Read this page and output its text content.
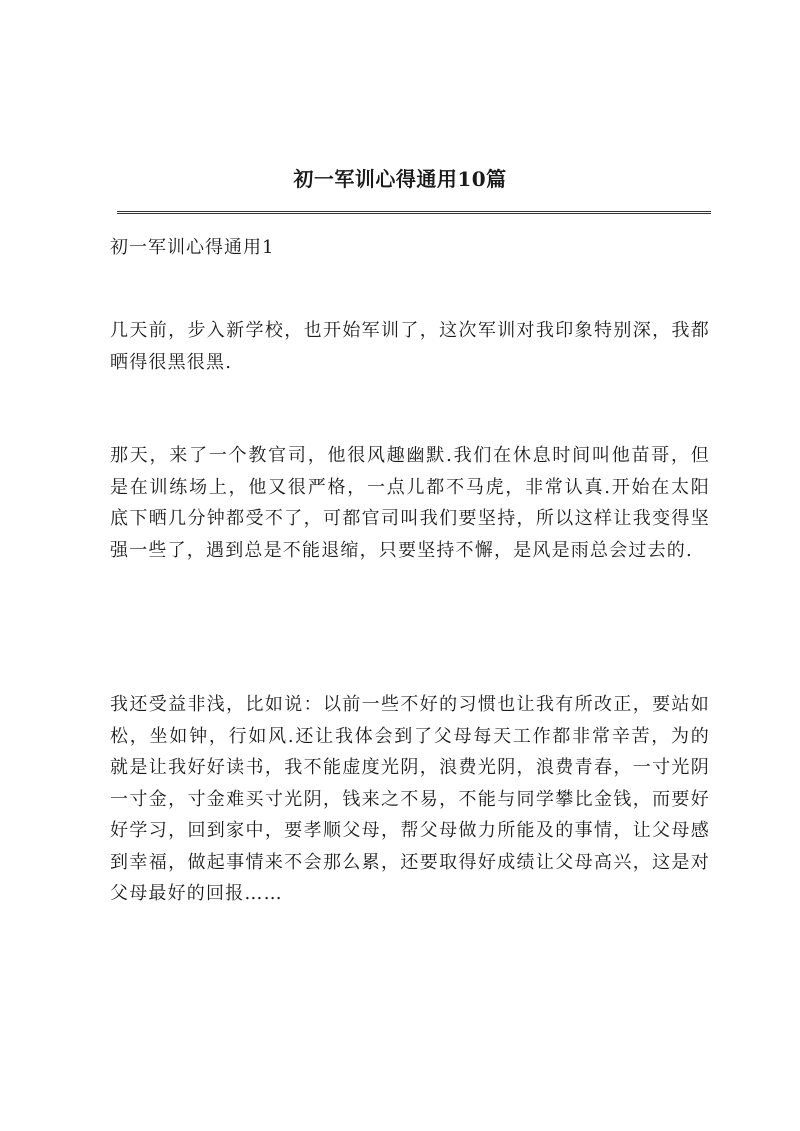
初一军训心得通用10篇
初一军训心得通用1

几天前，步入新学校，也开始军训了，这次军训对我印象特别深，我都晒得很黑很黑.

那天，来了一个教官司，他很风趣幽默.我们在休息时间叫他苗哥，但是在训练场上，他又很严格，一点儿都不马虎，非常认真.开始在太阳底下晒几分钟都受不了，可都官司叫我们要坚持，所以这样让我变得坚强一些了，遇到总是不能退缩，只要坚持不懈，是风是雨总会过去的.

我还受益非浅，比如说：以前一些不好的习惯也让我有所改正，要站如松，坐如钟，行如风.还让我体会到了父母每天工作都非常辛苦，为的就是让我好好读书，我不能虚度光阴，浪费光阴，浪费青春，一寸光阴一寸金，寸金难买寸光阴，钱来之不易，不能与同学攀比金钱，而要好好学习，回到家中，要孝顺父母，帮父母做力所能及的事情，让父母感到幸福，做起事情来不会那么累，还要取得好成绩让父母高兴，这是对父母最好的回报……
